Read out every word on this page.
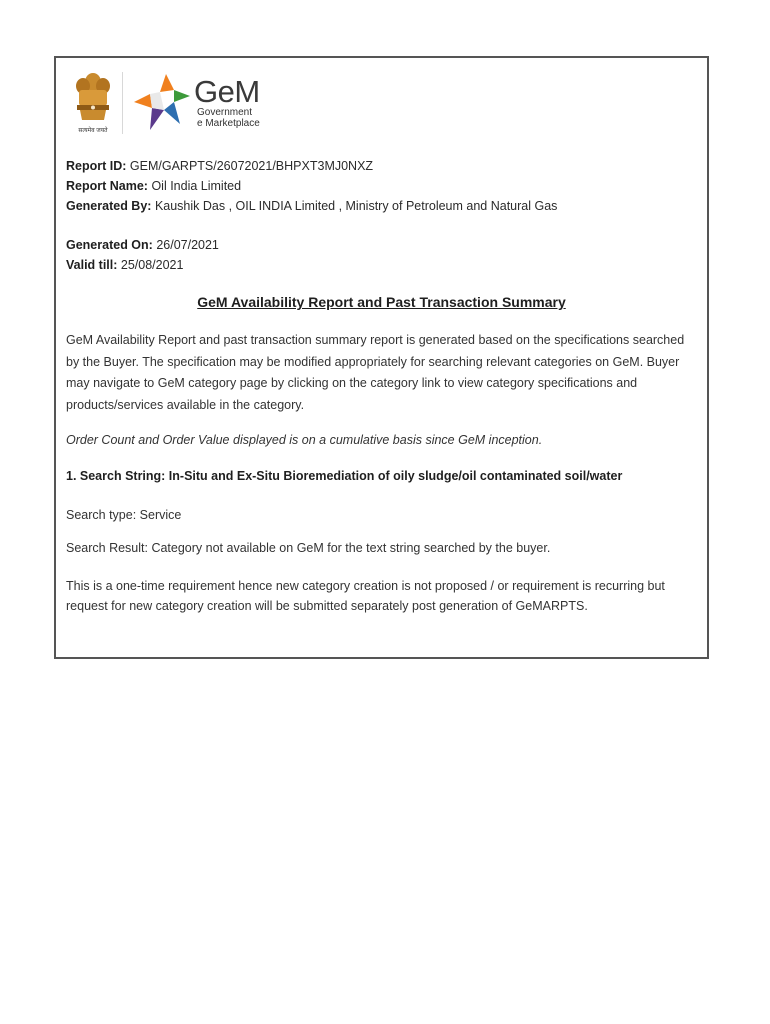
सत्यमेव जयते
GeM
Government
e Marketplace
Report ID: GEM/GARPTS/26072021/BHPXT3MJ0NXZ
Report Name: Oil India Limited
Generated By: Kaushik Das , OIL INDIA Limited , Ministry of Petroleum and Natural Gas
Generated On: 26/07/2021
Valid till: 25/08/2021
GeM Availability Report and Past Transaction Summary
GeM Availability Report and past transaction summary report is generated based on the specifications searched by the Buyer. The specification may be modified appropriately for searching relevant categories on GeM. Buyer may navigate to GeM category page by clicking on the category link to view category specifications and products/services available in the category.
Order Count and Order Value displayed is on a cumulative basis since GeM inception.
1. Search String: In-Situ and Ex-Situ Bioremediation of oily sludge/oil contaminated soil/water
Search type: Service
Search Result: Category not available on GeM for the text string searched by the buyer.
This is a one-time requirement hence new category creation is not proposed / or requirement is recurring but request for new category creation will be submitted separately post generation of GeMARPTS.
